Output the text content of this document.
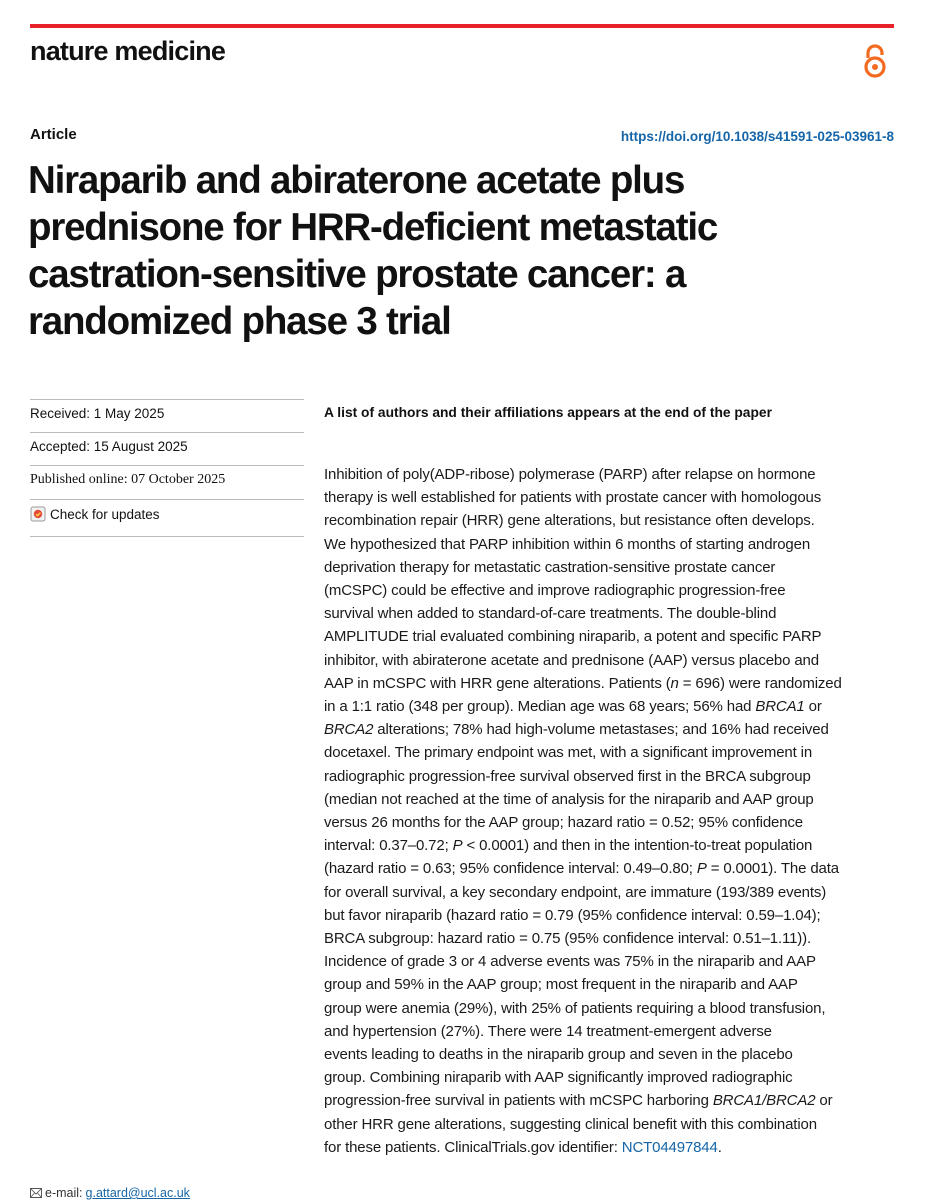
nature medicine
Article	https://doi.org/10.1038/s41591-025-03961-8
Niraparib and abiraterone acetate plus
prednisone for HRR-deficient metastatic
castration-sensitive prostate cancer: a
randomized phase 3 trial
Received: 1 May 2025
Accepted: 15 August 2025
Published online: 07 October 2025
Check for updates
A list of authors and their affiliations appears at the end of the paper

Inhibition of poly(ADP-ribose) polymerase (PARP) after relapse on hormone
therapy is well established for patients with prostate cancer with homologous
recombination repair (HRR) gene alterations, but resistance often develops.
We hypothesized that PARP inhibition within 6 months of starting androgen
deprivation therapy for metastatic castration-sensitive prostate cancer
(mCSPC) could be effective and improve radiographic progression-free
survival when added to standard-of-care treatments. The double-blind
AMPLITUDE trial evaluated combining niraparib, a potent and specific PARP
inhibitor, with abiraterone acetate and prednisone (AAP) versus placebo and
AAP in mCSPC with HRR gene alterations. Patients (n = 696) were randomized
in a 1:1 ratio (348 per group). Median age was 68 years; 56% had BRCA1 or
BRCA2 alterations; 78% had high-volume metastases; and 16% had received
docetaxel. The primary endpoint was met, with a significant improvement in
radiographic progression-free survival observed first in the BRCA subgroup
(median not reached at the time of analysis for the niraparib and AAP group
versus 26 months for the AAP group; hazard ratio = 0.52; 95% confidence
interval: 0.37–0.72; P < 0.0001) and then in the intention-to-treat population
(hazard ratio = 0.63; 95% confidence interval: 0.49–0.80; P = 0.0001). The data
for overall survival, a key secondary endpoint, are immature (193/389 events)
but favor niraparib (hazard ratio = 0.79 (95% confidence interval: 0.59–1.04);
BRCA subgroup: hazard ratio = 0.75 (95% confidence interval: 0.51–1.11)).
Incidence of grade 3 or 4 adverse events was 75% in the niraparib and AAP
group and 59% in the AAP group; most frequent in the niraparib and AAP
group were anemia (29%), with 25% of patients requiring a blood transfusion,
and hypertension (27%). There were 14 treatment-emergent adverse
events leading to deaths in the niraparib group and seven in the placebo
group. Combining niraparib with AAP significantly improved radiographic
progression-free survival in patients with mCSPC harboring BRCA1/BRCA2 or
other HRR gene alterations, suggesting clinical benefit with this combination
for these patients. ClinicalTrials.gov identifier: NCT04497844.

e-mail: g.attard@ucl.ac.uk
